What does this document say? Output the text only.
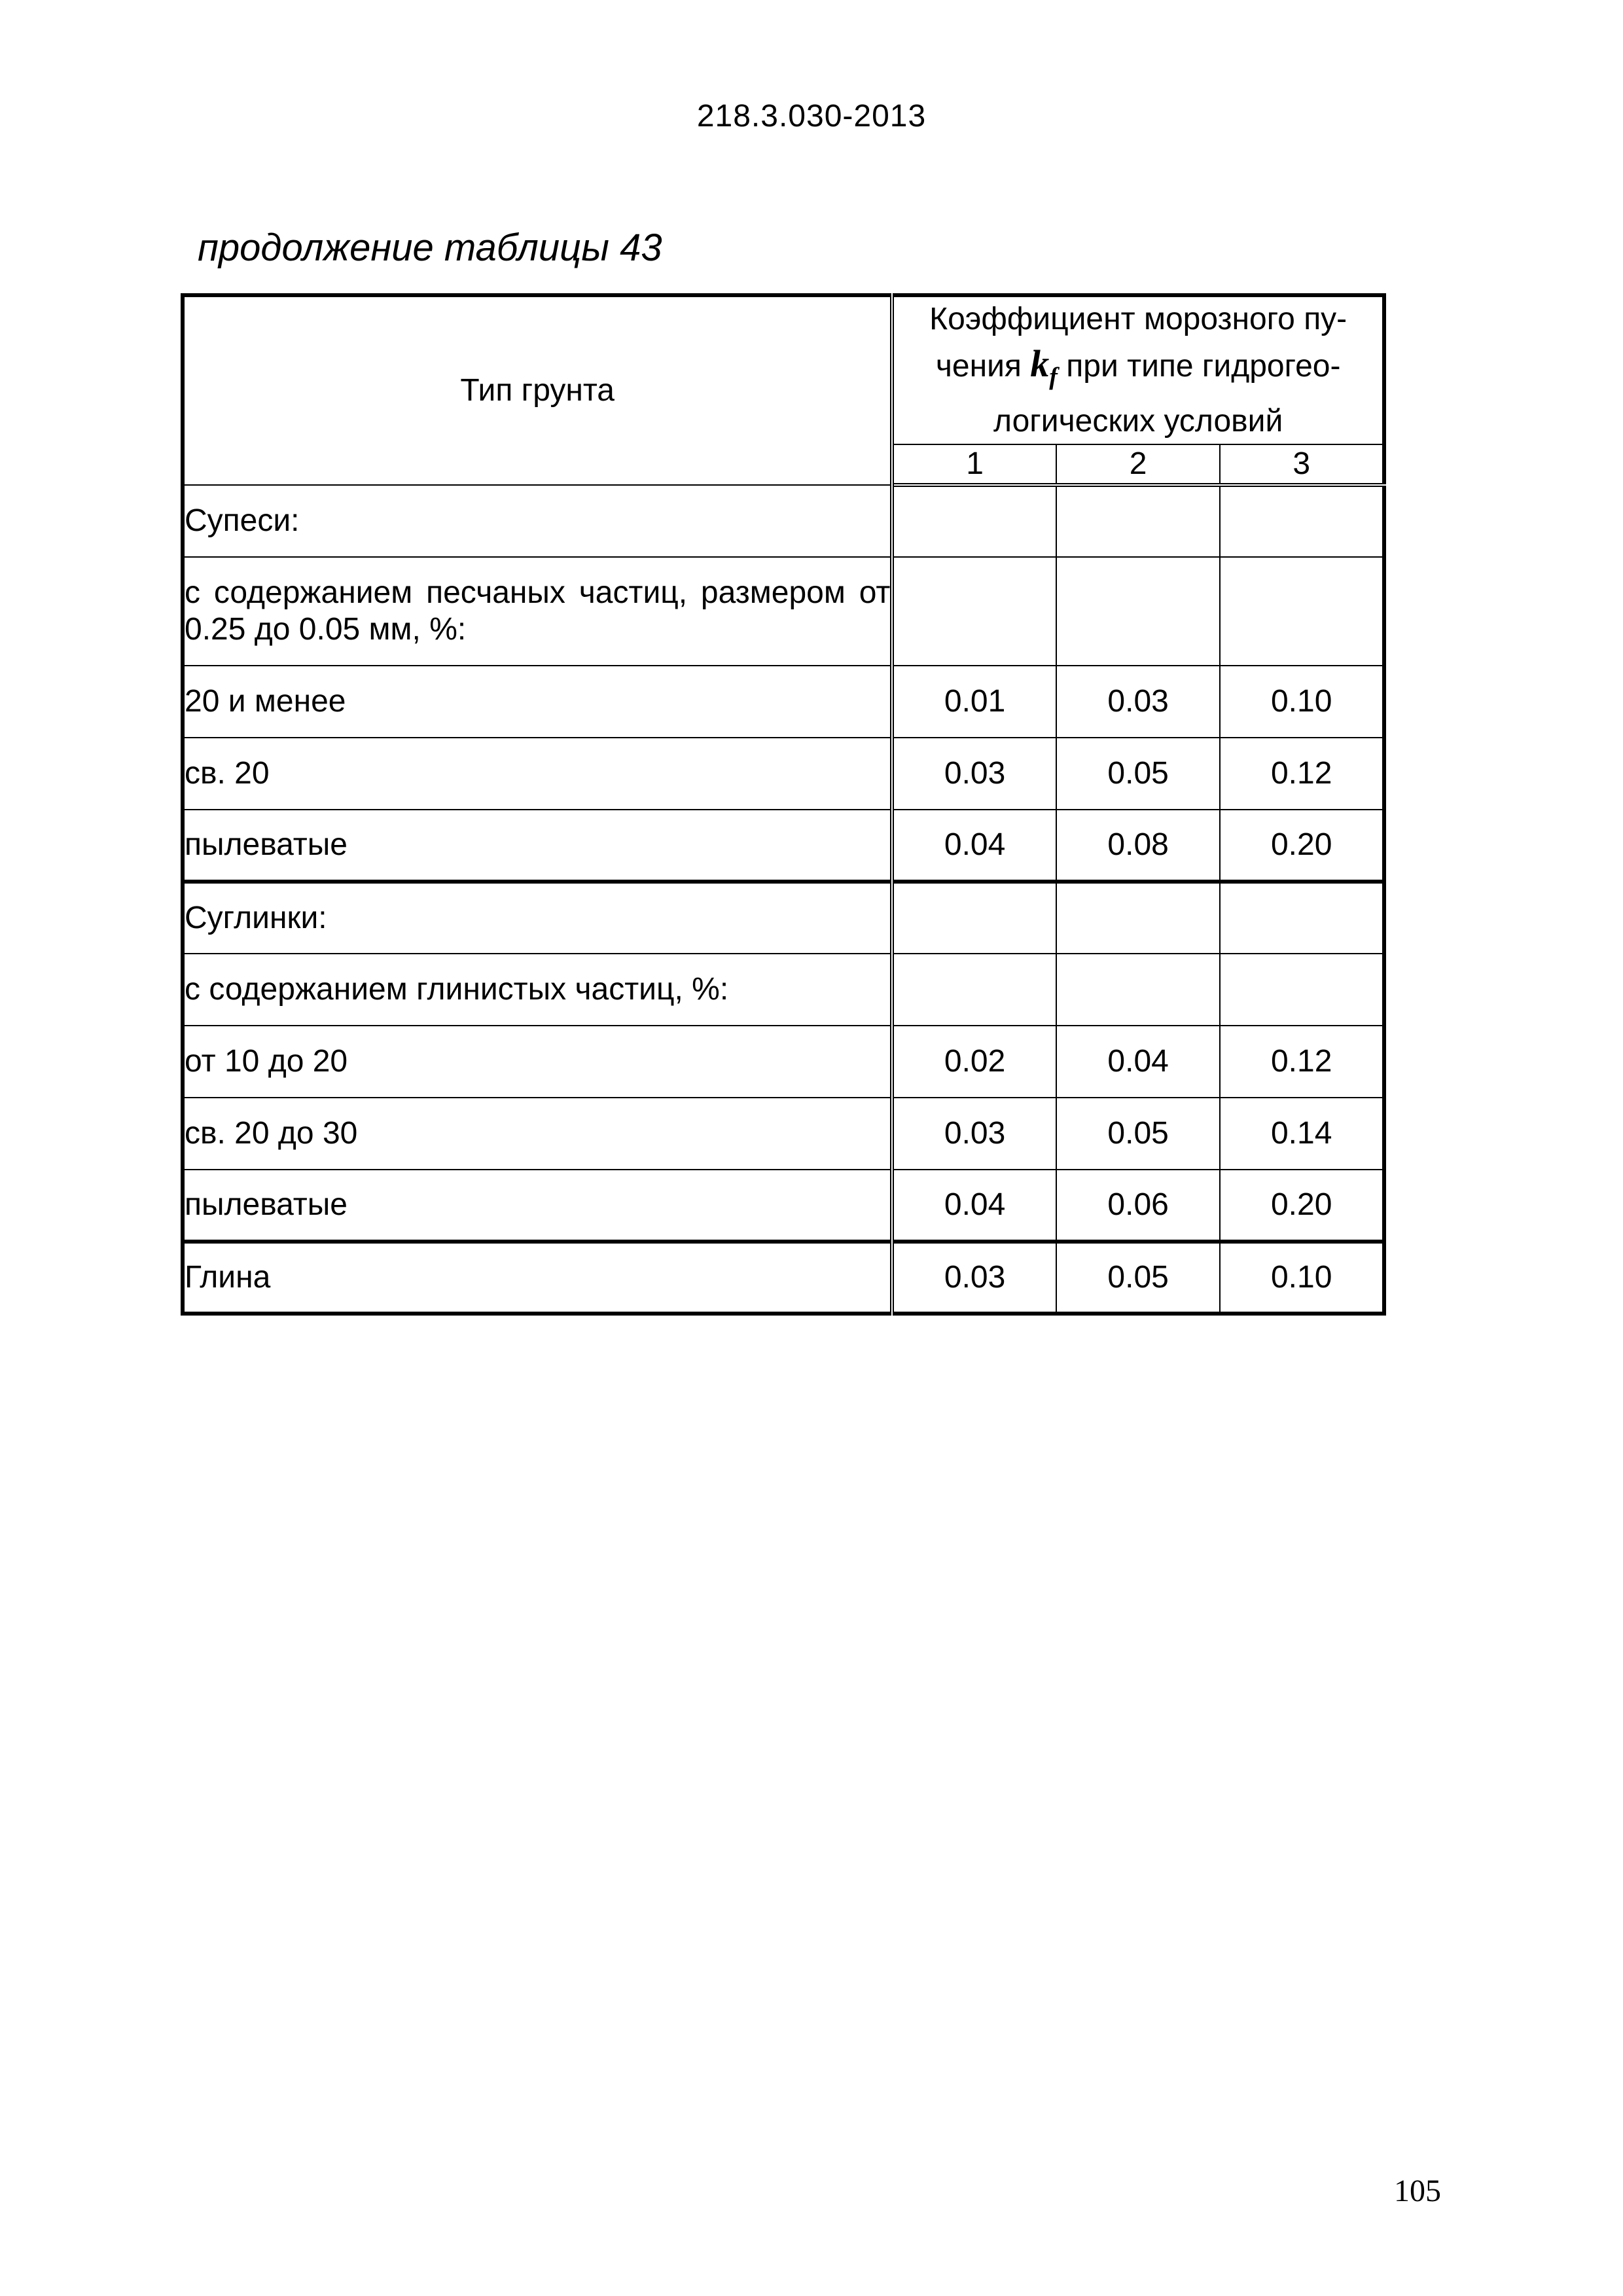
218.3.030-2013
продолжение таблицы 43
Тип грунта	Коэффициент морозного пу-чения $k_f$ при типе гидрогео-логических условий		
	1	2	3
Супеси:			
с содержанием песчаных частиц, размером от 0.25 до 0.05 мм, %:			
20 и менее	0.01	0.03	0.10
св. 20	0.03	0.05	0.12
пылеватые	0.04	0.08	0.20
Суглинки:			
с содержанием глинистых частиц, %:			
от 10 до 20	0.02	0.04	0.12
св. 20 до 30	0.03	0.05	0.14
пылеватые	0.04	0.06	0.20
Глина	0.03	0.05	0.10
105
